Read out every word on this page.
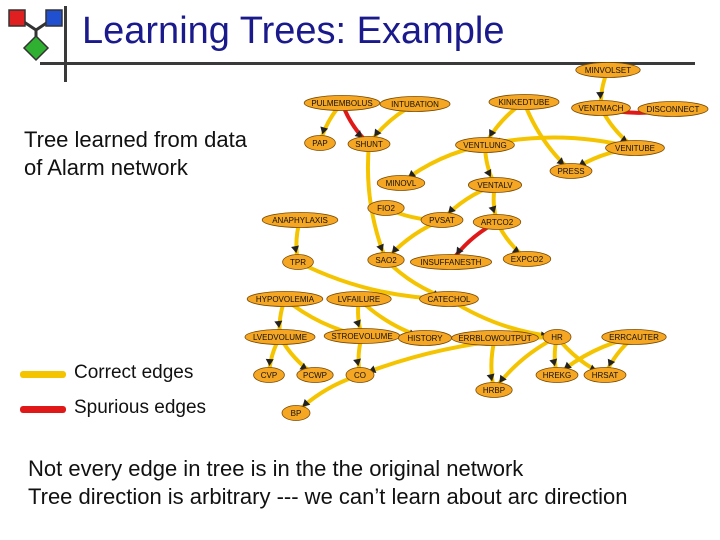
Learning Trees: Example
Tree learned from data
of Alarm network
MINVOLSET
PULMEMBOLUS INTUBATION	KINKEDTUBE
VENTMACH	DISCONNECT
PAP	SHUNT	VENTLUNG	VENITUBE
PRESS
MINOVL	VENTALV
FIO2
ANAPHYLAXIS	PVSAT	ARTCO2
TPR	SAO2	INSUFFANESTH	EXPCO2
HYPOVOLEMIA	LVFAILURE	CATECHOL
LVEDVOLUME	STROEVOLUME HISTORY ERRBLOWOUTPUT HR	ERRCAUTER
CVP	PCWP	CO	HREKG	HRSAT
HRBP
BP
Correct edges
Spurious edges
Not every edge in tree is in the the original network
Tree direction is arbitrary --- we can’t learn about arc direction
